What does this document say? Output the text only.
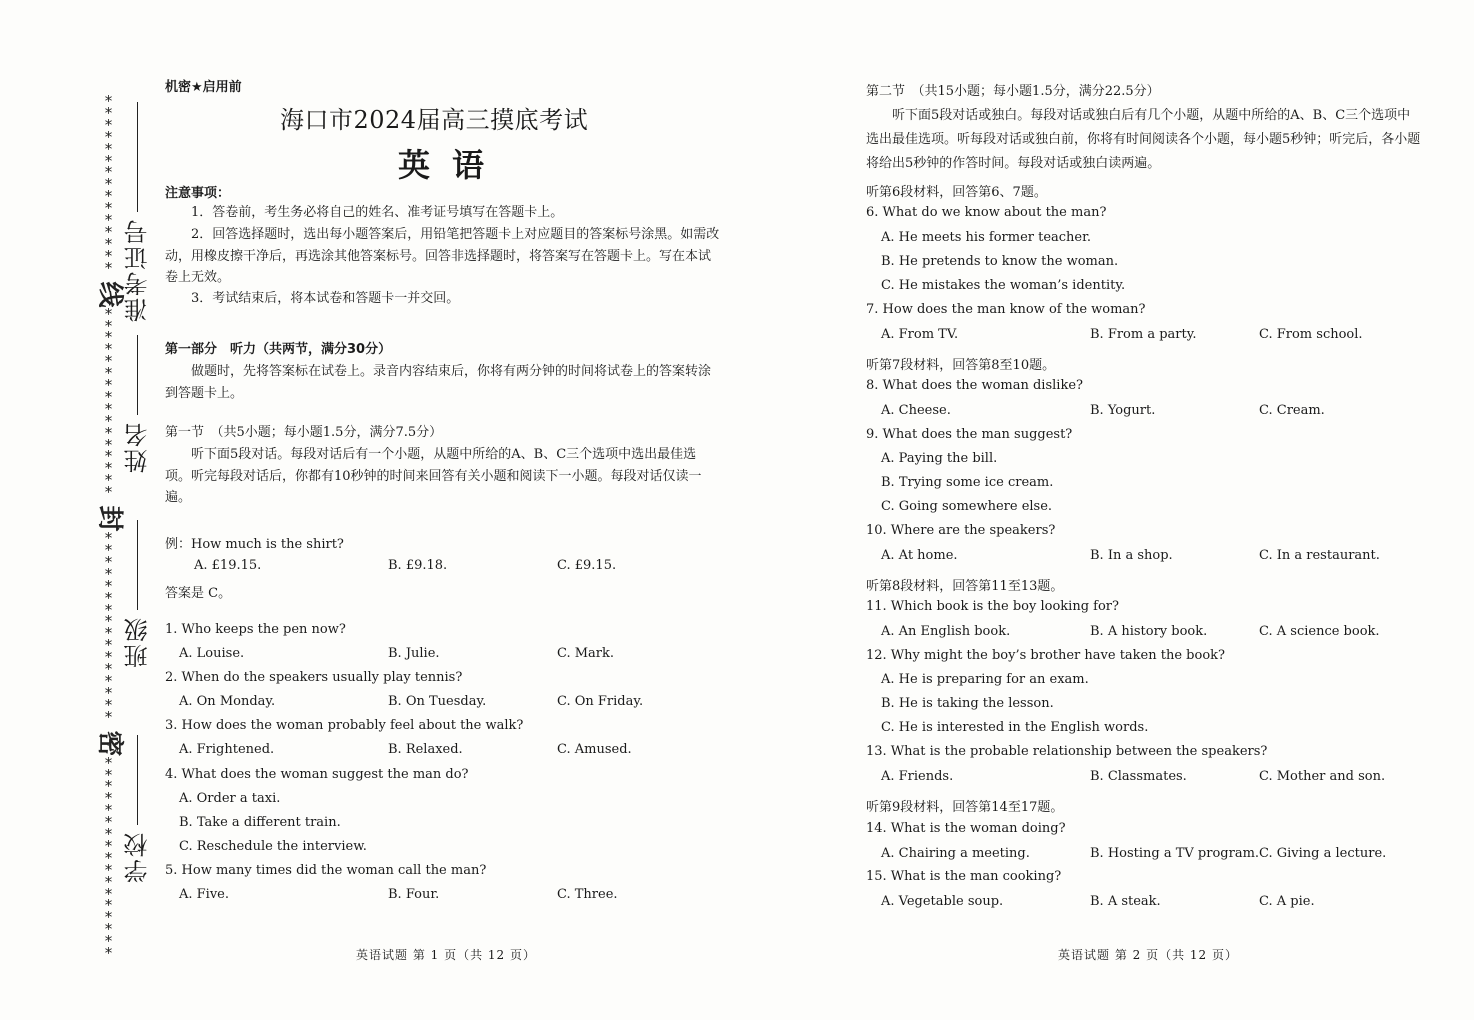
学校
班级
姓名
准考证号
***************
线
****************
封
****************
密
*****************
机密★启用前
海口市2024届高三摸底考试
英语
注意事项：
1．答卷前，考生务必将自己的姓名、准考证号填写在答题卡上。
2．回答选择题时，选出每小题答案后，用铅笔把答题卡上对应题目的答案标号涂黑。如需改动，用橡皮擦干净后，再选涂其他答案标号。回答非选择题时，将答案写在答题卡上。写在本试卷上无效。
3．考试结束后，将本试卷和答题卡一并交回。
第一部分　听力（共两节，满分30分）
做题时，先将答案标在试卷上。录音内容结束后，你将有两分钟的时间将试卷上的答案转涂到答题卡上。
第一节　（共5小题；每小题1.5分，满分7.5分）
听下面5段对话。每段对话后有一个小题，从题中所给的A、B、C三个选项中选出最佳选项。听完每段对话后，你都有10秒钟的时间来回答有关小题和阅读下一小题。每段对话仅读一遍。
例：How much is the shirt?
A. £19.15.	B. £9.18.	C. £9.15.
答案是 C。
1. Who keeps the pen now?
A. Louise.	B. Julie.	C. Mark.
2. When do the speakers usually play tennis?
A. On Monday.	B. On Tuesday.	C. On Friday.
3. How does the woman probably feel about the walk?
A. Frightened.	B. Relaxed.	C. Amused.
4. What does the woman suggest the man do?
A. Order a taxi.
B. Take a different train.
C. Reschedule the interview.
5. How many times did the woman call the man?
A. Five.	B. Four.	C. Three.
英语试题 第 1 页（共 12 页）
第二节　（共15小题；每小题1.5分，满分22.5分）
听下面5段对话或独白。每段对话或独白后有几个小题，从题中所给的A、B、C三个选项中选出最佳选项。听每段对话或独白前，你将有时间阅读各个小题，每小题5秒钟；听完后，各小题将给出5秒钟的作答时间。每段对话或独白读两遍。
听第6段材料，回答第6、7题。
6. What do we know about the man?
A. He meets his former teacher.
B. He pretends to know the woman.
C. He mistakes the woman’s identity.
7. How does the man know of the woman?
A. From TV.	B. From a party.	C. From school.
听第7段材料，回答第8至10题。
8. What does the woman dislike?
A. Cheese.	B. Yogurt.	C. Cream.
9. What does the man suggest?
A. Paying the bill.
B. Trying some ice cream.
C. Going somewhere else.
10. Where are the speakers?
A. At home.	B. In a shop.	C. In a restaurant.
听第8段材料，回答第11至13题。
11. Which book is the boy looking for?
A. An English book.	B. A history book.	C. A science book.
12. Why might the boy’s brother have taken the book?
A. He is preparing for an exam.
B. He is taking the lesson.
C. He is interested in the English words.
13. What is the probable relationship between the speakers?
A. Friends.	B. Classmates.	C. Mother and son.
听第9段材料，回答第14至17题。
14. What is the woman doing?
A. Chairing a meeting.	B. Hosting a TV program. C. Giving a lecture.
15. What is the man cooking?
A. Vegetable soup.	B. A steak.	C. A pie.
英语试题 第 2 页（共 12 页）
